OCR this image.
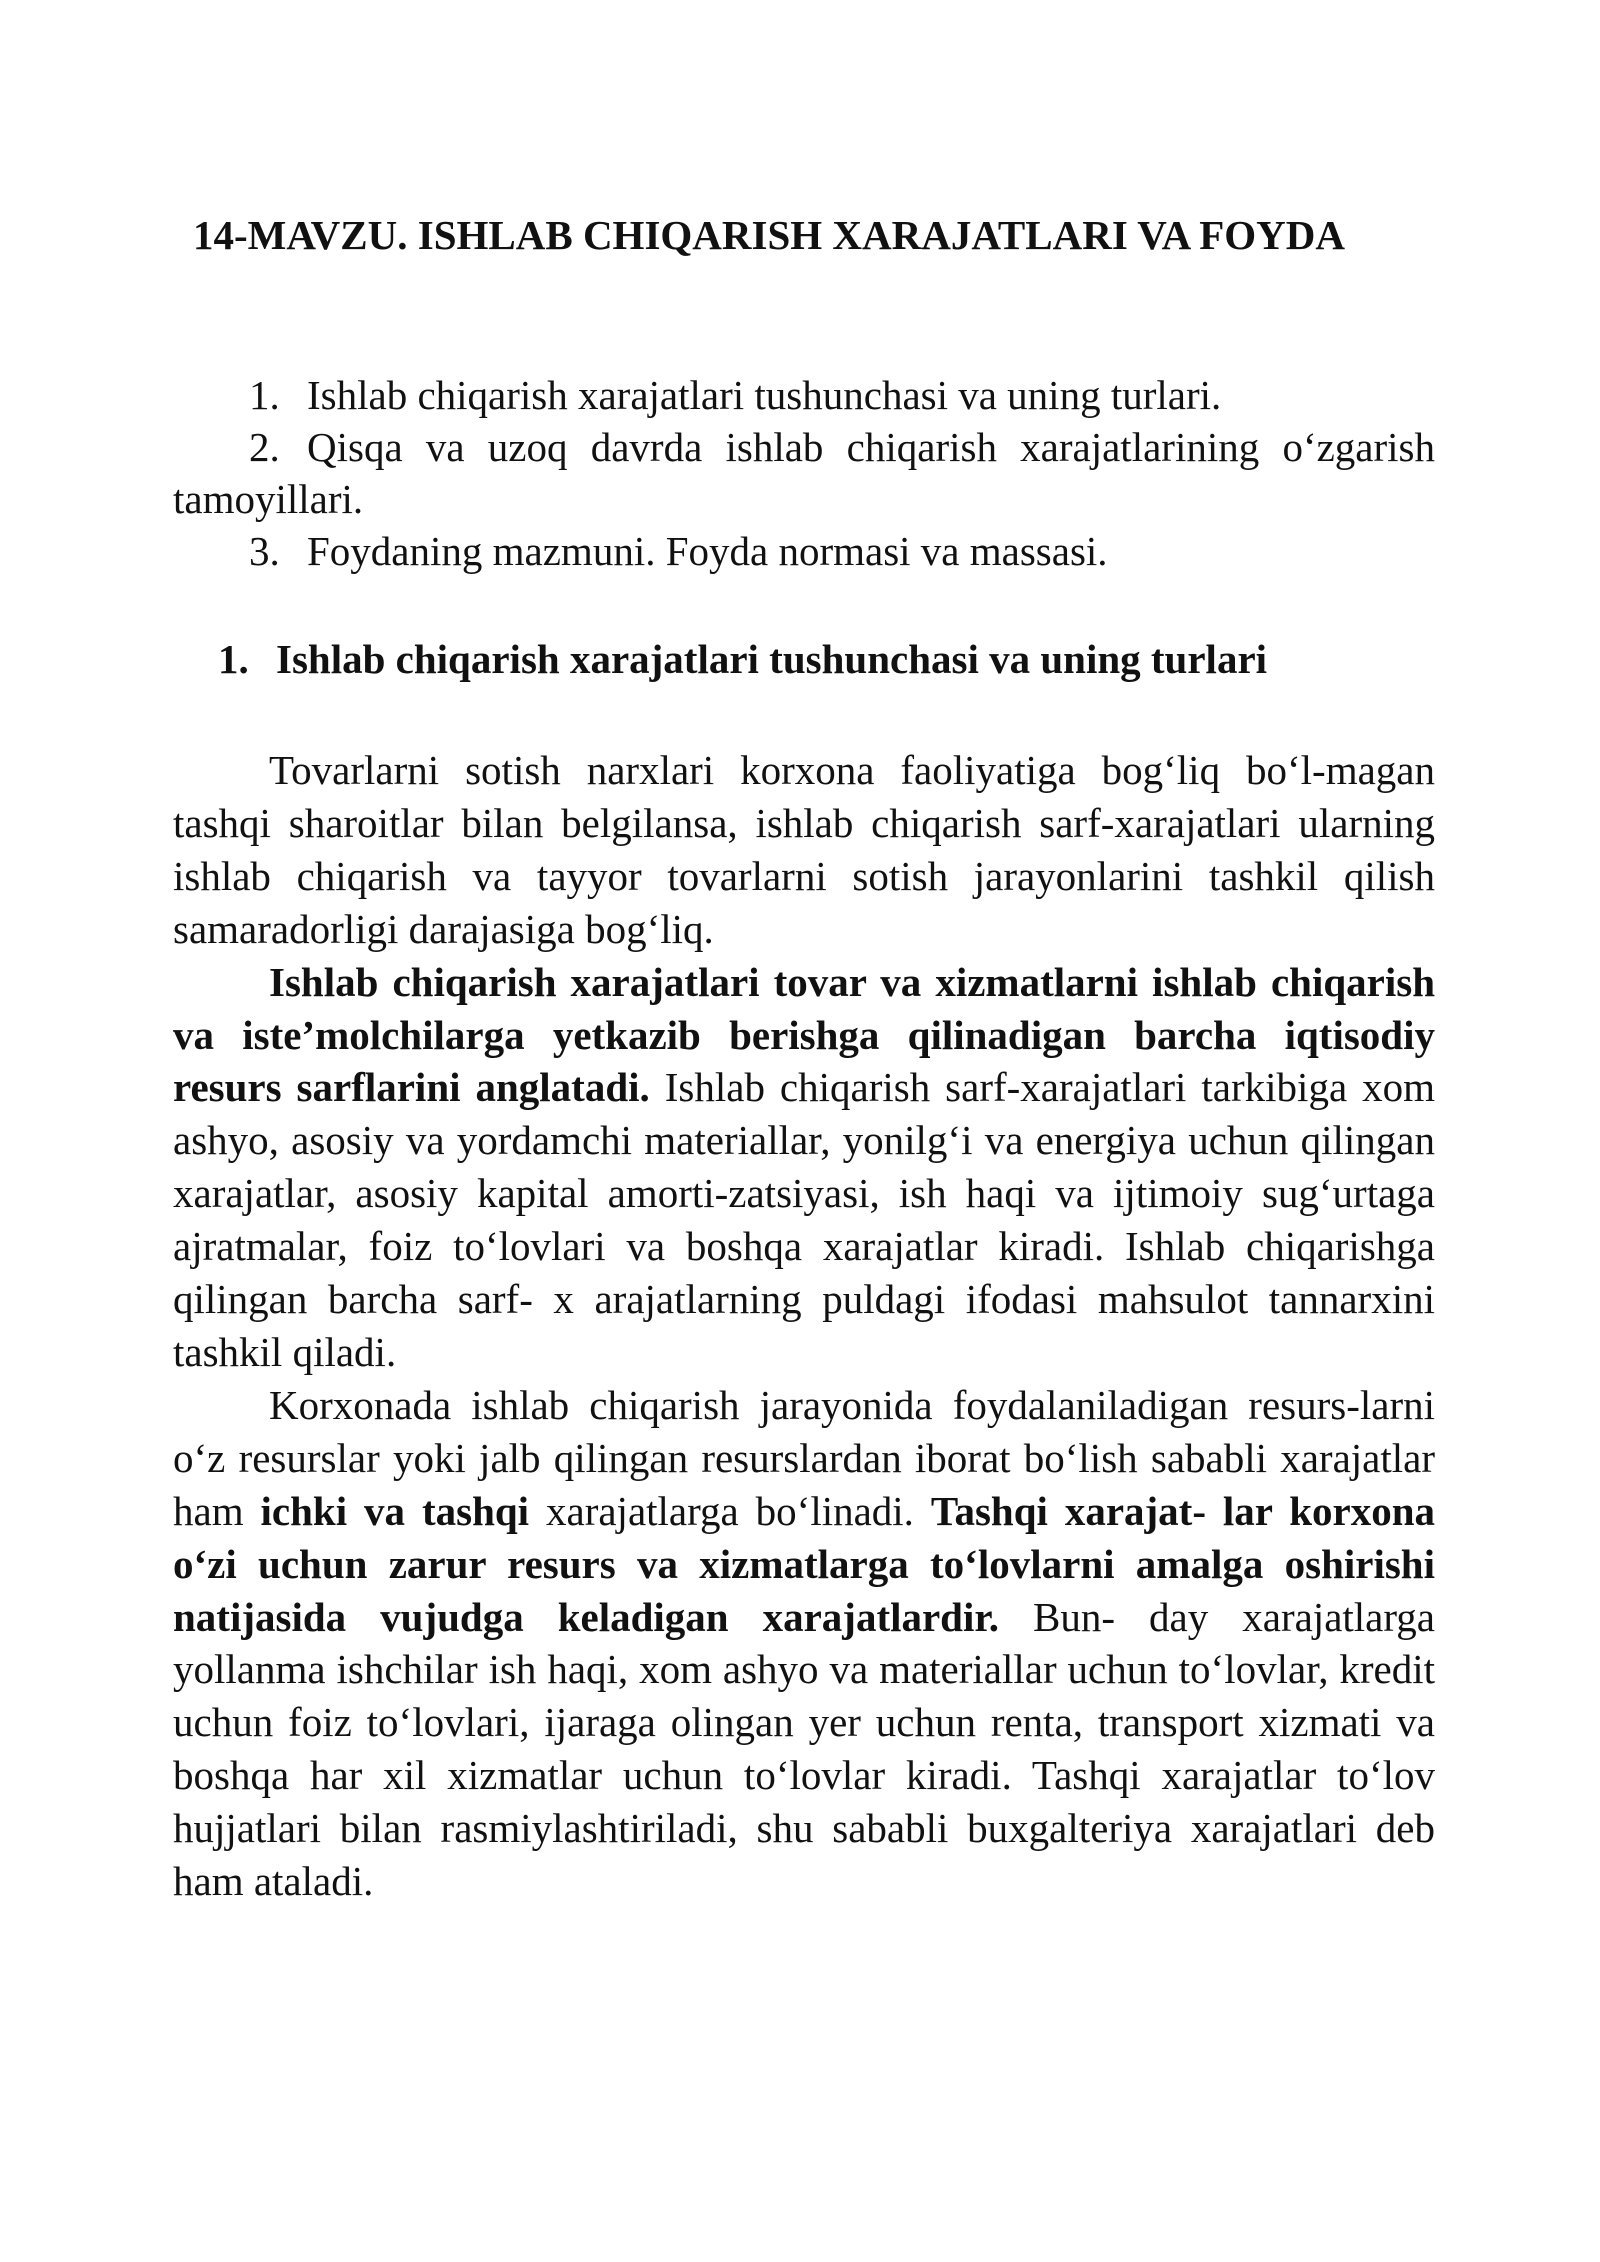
14-MAVZU. ISHLAB CHIQARISH XARAJATLARI VA FOYDA
1. Ishlab chiqarish xarajatlari tushunchasi va uning turlari.
2. Qisqa va uzoq davrda ishlab chiqarish xarajatlarining o‘zgarish tamoyillari.
3. Foydaning mazmuni. Foyda normasi va massasi.
1. Ishlab chiqarish xarajatlari tushunchasi va uning turlari

Tovarlarni sotish narxlari korxona faoliyatiga bog‘liq bo‘l-magan tashqi sharoitlar bilan belgilansa, ishlab chiqarish sarf-xarajatlari ularning ishlab chiqarish va tayyor tovarlarni sotish jarayonlarini tashkil qilish samaradorligi darajasiga bog‘liq.

Ishlab chiqarish xarajatlari tovar va xizmatlarni ishlab chiqarish va iste’molchilarga yetkazib berishga qilinadigan barcha iqtisodiy resurs sarflarini anglatadi. Ishlab chiqarish sarf-xarajatlari tarkibiga xom ashyo, asosiy va yordamchi materiallar, yonilg‘i va energiya uchun qilingan xarajatlar, asosiy kapital amorti-zatsiyasi, ish haqi va ijtimoiy sug‘urtaga ajratmalar, foiz to‘lovlari va boshqa xarajatlar kiradi. Ishlab chiqarishga qilingan barcha sarf- x arajatlarning puldagi ifodasi mahsulot tannarxini tashkil qiladi.

Korxonada ishlab chiqarish jarayonida foydalaniladigan resurs-larni o‘z resurslar yoki jalb qilingan resurslardan iborat bo‘lish sababli xarajatlar ham ichki va tashqi xarajatlarga bo‘linadi. Tashqi xarajat- lar korxona o‘zi uchun zarur resurs va xizmatlarga to‘lovlarni amalga oshirishi natijasida vujudga keladigan xarajatlardir. Bun- day xarajatlarga yollanma ishchilar ish haqi, xom ashyo va materiallar uchun to‘lovlar, kredit uchun foiz to‘lovlari, ijaraga olingan yer uchun renta, transport xizmati va boshqa har xil xizmatlar uchun to‘lovlar kiradi. Tashqi xarajatlar to‘lov hujjatlari bilan rasmiylashtiriladi, shu sababli buxgalteriya xarajatlari deb ham ataladi.
